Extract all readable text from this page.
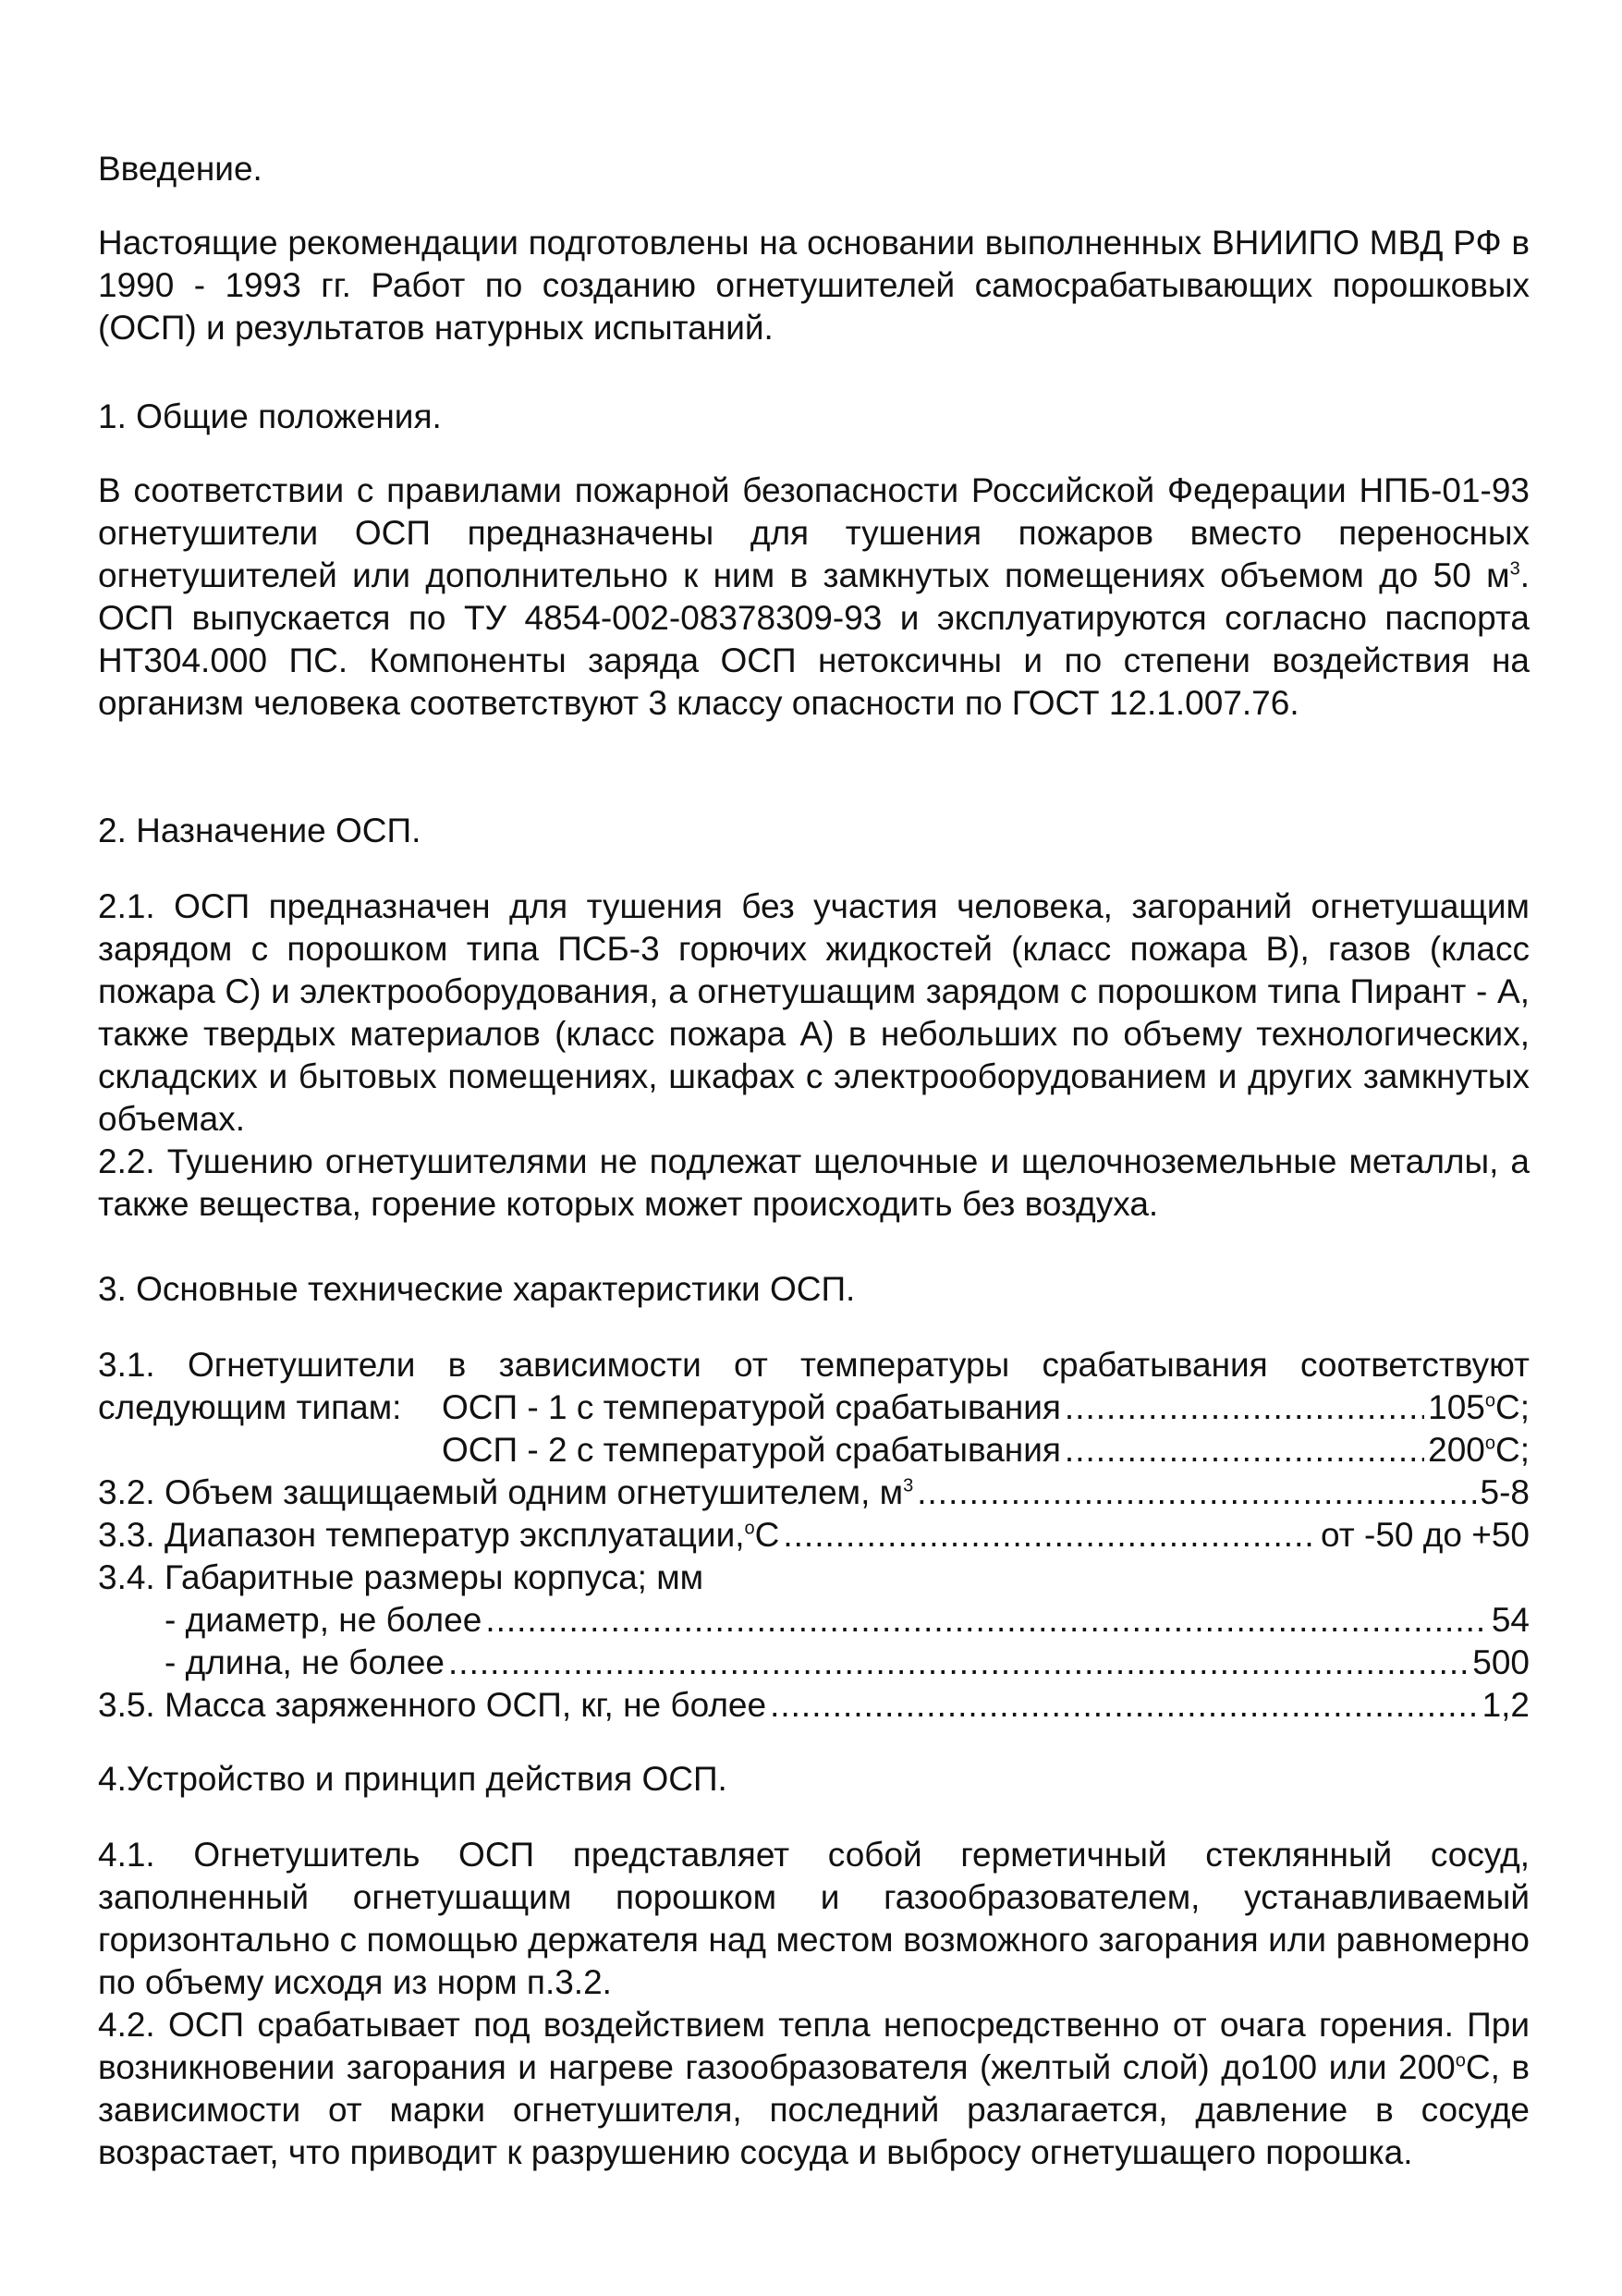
Введение.

Настоящие рекомендации подготовлены на основании выполненных ВНИИПО МВД РФ в 1990 - 1993 гг. Работ по созданию огнетушителей самосрабатывающих порошковых (ОСП) и результатов натурных испытаний.

1. Общие положения.

В соответствии с правилами пожарной безопасности Российской Федерации НПБ-01-93 огнетушители ОСП предназначены для тушения пожаров вместо переносных огнетушителей или дополнительно к ним в замкнутых помещениях объемом до 50 $м^3$. ОСП выпускается по ТУ 4854-002-08378309-93 и эксплуатируются согласно паспорта НТ304.000 ПС. Компоненты заряда ОСП нетоксичны и по степени воздействия на организм человека соответствуют 3 классу опасности по ГОСТ 12.1.007.76.

2. Назначение ОСП.

2.1. ОСП предназначен для тушения без участия человека, загораний огнетушащим зарядом с порошком типа ПСБ-3 горючих жидкостей (класс пожара В), газов (класс пожара С) и электрооборудования, а огнетушащим зарядом с порошком типа Пирант - А, также твердых материалов (класс пожара А) в небольших по объему технологических, складских и бытовых помещениях, шкафах с электрооборудованием и других замкнутых объемах.

2.2. Тушению огнетушителями не подлежат щелочные и щелочноземельные металлы, а также вещества, горение которых может происходить без воздуха.

3. Основные технические характеристики ОСП.
3.1. Огнетушители в зависимости от температуры срабатывания соответствуют
следующим типам:	ОСП - 1 с температурой срабатывания .....	105$^o$С;
ОСП - 2 с температурой срабатывания .....	200$^o$С;
3.2. Объем защищаемый одним огнетушителем, $м^3$ .....	5-8
3.3. Диапазон температур эксплуатации,$^o$С .....	от -50 до +50
3.4. Габаритные размеры корпуса; мм
- диаметр, не более .....	54
- длина, не более .....	500
3.5. Масса заряженного ОСП, кг, не более .....	1,2
4.Устройство и принцип действия ОСП.

4.1. Огнетушитель ОСП представляет собой герметичный стеклянный сосуд, заполненный огнетушащим порошком и газообразователем, устанавливаемый горизонтально с помощью держателя над местом возможного загорания или равномерно по объему исходя из норм п.3.2.

4.2. ОСП срабатывает под воздействием тепла непосредственно от очага горения. При возникновении загорания и нагреве газообразователя (желтый слой) до100 или 200$^o$С, в зависимости от марки огнетушителя, последний разлагается, давление в сосуде возрастает, что приводит к разрушению сосуда и выбросу огнетушащего порошка.
